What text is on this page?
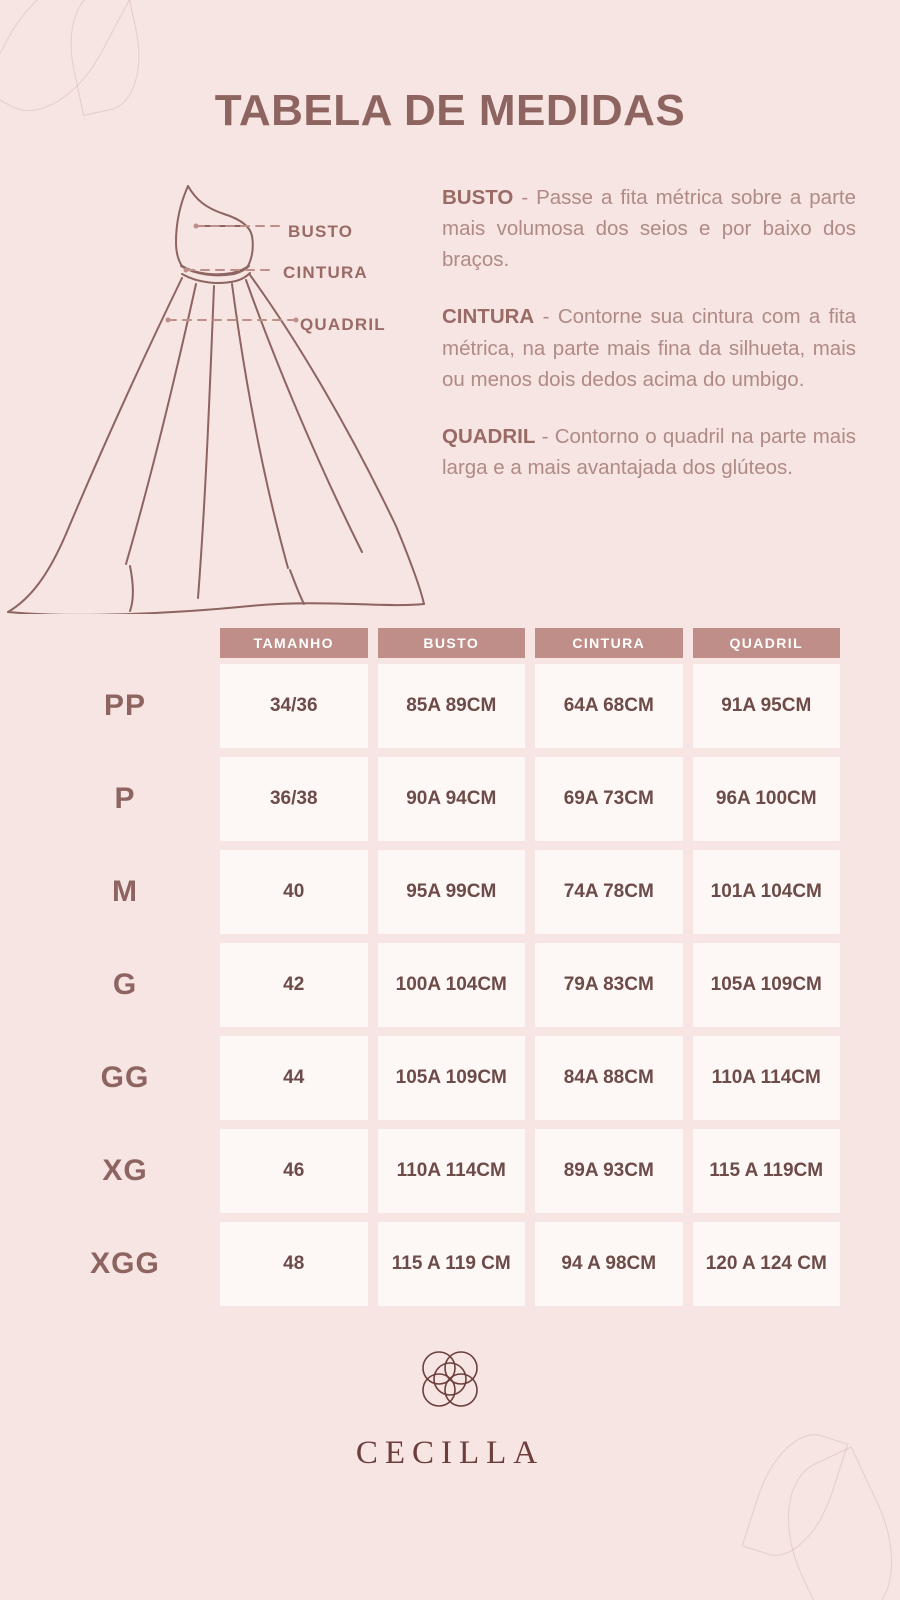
TABELA DE MEDIDAS
BUSTO
CINTURA
QUADRIL

BUSTO - Passe a fita métrica sobre a parte mais volumosa dos seios e por baixo dos braços.

CINTURA - Contorne sua cintura com a fita métrica, na parte mais fina da silhueta, mais ou menos dois dedos acima do umbigo.

QUADRIL - Contorno o quadril na parte mais larga e a mais avantajada dos glúteos.

TAMANHO	BUSTO	CINTURA	QUADRIL
PP	34/36	85A 89CM	64A 68CM	91A 95CM
P	36/38	90A 94CM	69A 73CM	96A 100CM
M	40	95A 99CM	74A 78CM	101A 104CM
G	42	100A 104CM	79A 83CM	105A 109CM
GG	44	105A 109CM	84A 88CM	110A 114CM
XG	46	110A 114CM	89A 93CM	115 A 119CM
XGG	48	115 A 119 CM	94 A 98CM	120 A 124 CM
CECILLA
